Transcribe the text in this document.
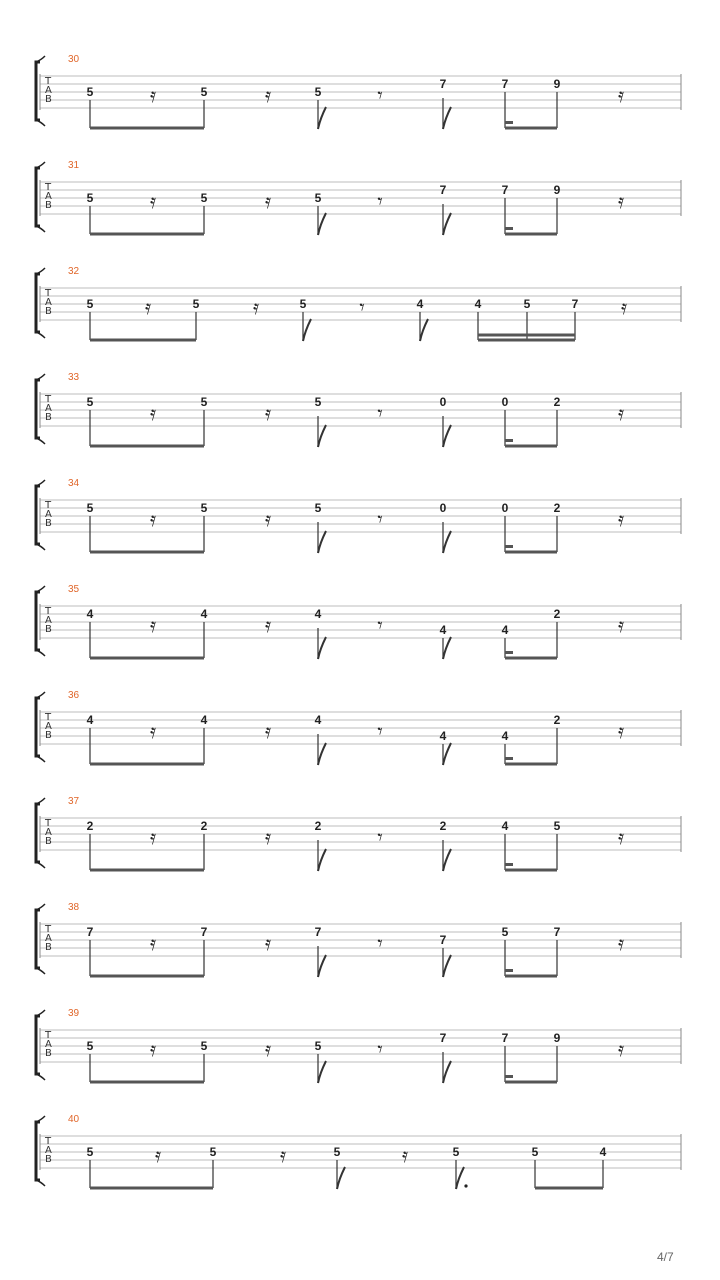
30
T
A
B
5	𝄿	5	𝄿	5	𝄾	7	7	9	𝄿
31
T
A
B
5	𝄿	5	𝄿	5	𝄾	7	7	9	𝄿
32
T
A
B
5	𝄿	5	𝄿	5	𝄾	4	4	5	7 𝄿
33
T
A
B
5	𝄿	5	𝄿	5	𝄾	0	0	2	𝄿
34
T
A
B
5	𝄿	5	𝄿	5	𝄾	0	0	2	𝄿
35
T
A
B
4	𝄿	4	𝄿	4	𝄾	4	4
2	𝄿
36
T
A
B
4	𝄿	4	𝄿	4	𝄾	4	4
2	𝄿
37
T
A
B
2	𝄿	2	𝄿	2	𝄾	2	4	5	𝄿
38
T
A
B
7	𝄿	7	𝄿	7	𝄾	7
5	7	𝄿
39
T
A
B
5	𝄿	5	𝄿	5	𝄾	7	7	9	𝄿
40
T
A
B
5	𝄿	5	𝄿	5	𝄿	5	5	4
4/7
